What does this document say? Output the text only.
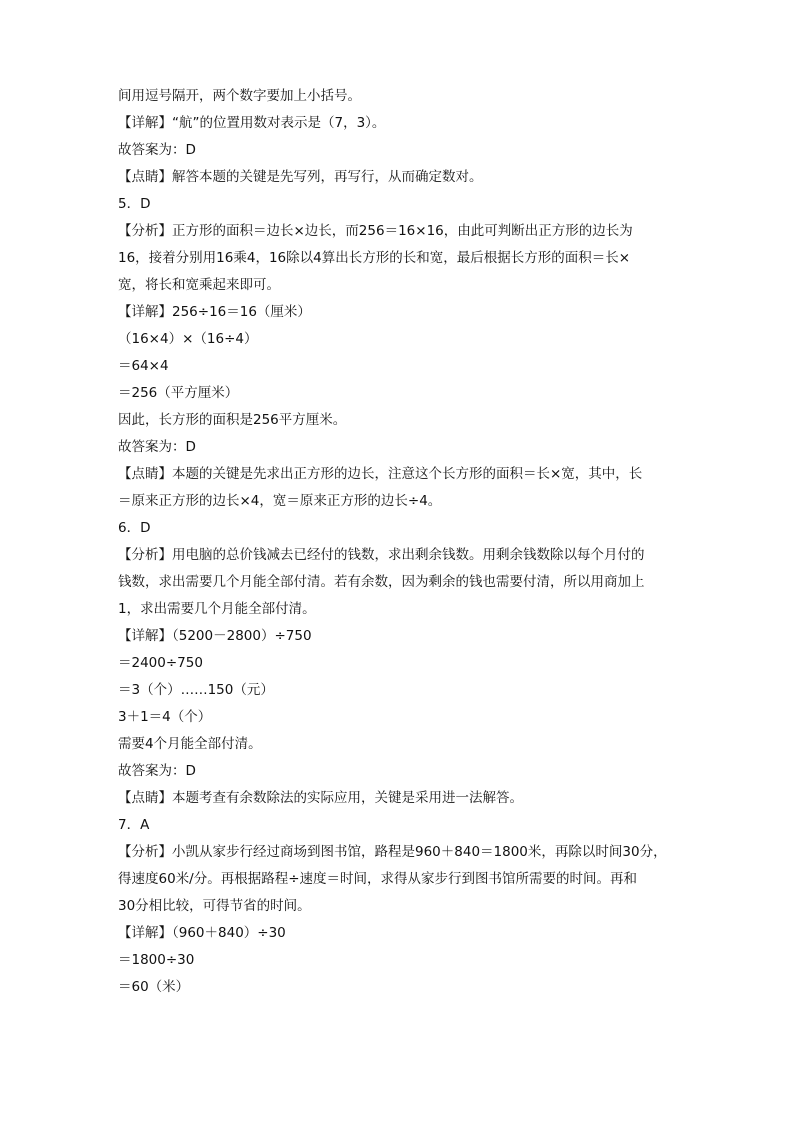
间用逗号隔开，两个数字要加上小括号。
【详解】“航”的位置用数对表示是（7，3）。
故答案为：D
【点睛】解答本题的关键是先写列，再写行，从而确定数对。
5．D
【分析】正方形的面积＝边长×边长，而256＝16×16，由此可判断出正方形的边长为
16，接着分别用16乘4，16除以4算出长方形的长和宽，最后根据长方形的面积＝长×
宽，将长和宽乘起来即可。
【详解】256÷16＝16（厘米）
（16×4）×（16÷4）
＝64×4
＝256（平方厘米）
因此，长方形的面积是256平方厘米。
故答案为：D
【点睛】本题的关键是先求出正方形的边长，注意这个长方形的面积＝长×宽，其中，长
＝原来正方形的边长×4，宽＝原来正方形的边长÷4。
6．D
【分析】用电脑的总价钱减去已经付的钱数，求出剩余钱数。用剩余钱数除以每个月付的
钱数，求出需要几个月能全部付清。若有余数，因为剩余的钱也需要付清，所以用商加上
1，求出需要几个月能全部付清。
【详解】（5200－2800）÷750
＝2400÷750
＝3（个）……150（元）
3＋1＝4（个）
需要4个月能全部付清。
故答案为：D
【点睛】本题考查有余数除法的实际应用，关键是采用进一法解答。
7．A
【分析】小凯从家步行经过商场到图书馆，路程是960＋840＝1800米，再除以时间30分，
得速度60米/分。再根据路程÷速度＝时间，求得从家步行到图书馆所需要的时间。再和
30分相比较，可得节省的时间。
【详解】（960＋840）÷30
＝1800÷30
＝60（米）
